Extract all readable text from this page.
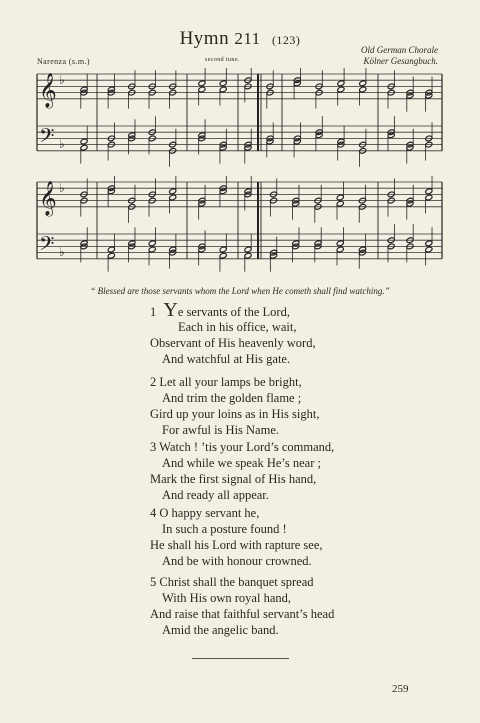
Hymn 211 (123)
Old German Chorale
Kölner Gesangbuch.
Narenza (s.m.)	second tune.
𝄞 ♭
𝄢 ♭
𝄞 ♭
𝄢 ♭
“ Blessed are those servants whom the Lord when He cometh shall find watching.”
1 Ye servants of the Lord,
Each in his office, wait,
Observant of His heavenly word,
And watchful at His gate.
2 Let all your lamps be bright,
And trim the golden flame ;
Gird up your loins as in His sight,
For awful is His Name.
3 Watch ! ’tis your Lord’s command,
And while we speak He’s near ;
Mark the first signal of His hand,
And ready all appear.
4 O happy servant he,
In such a posture found !
He shall his Lord with rapture see,
And be with honour crowned.
5 Christ shall the banquet spread
With His own royal hand,
And raise that faithful servant’s head
Amid the angelic band.
259
